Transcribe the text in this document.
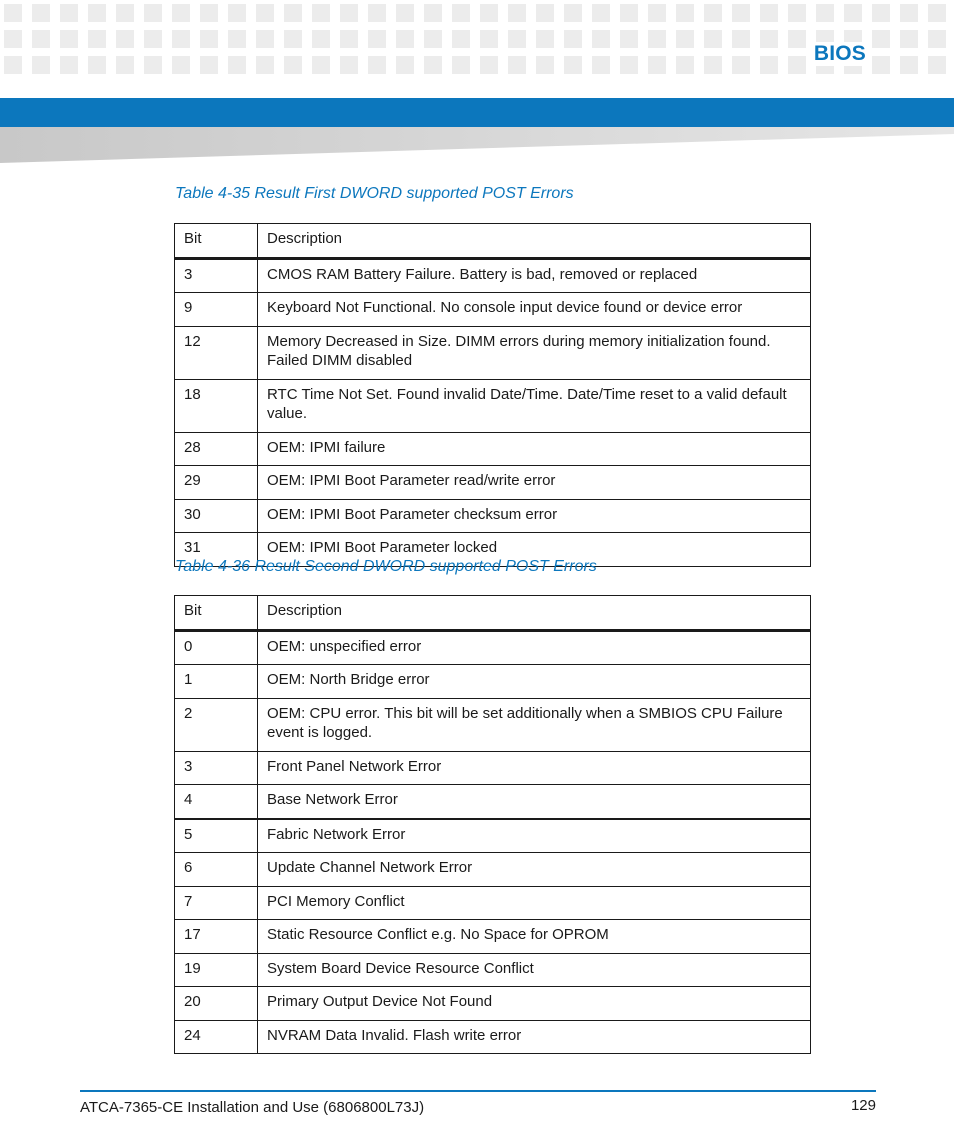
BIOS
Table 4-35 Result First DWORD supported POST Errors
Bit	Description
3	CMOS RAM Battery Failure. Battery is bad, removed or replaced
9	Keyboard Not Functional. No console input device found or device error
12	Memory Decreased in Size. DIMM errors during memory initialization found. Failed DIMM disabled
18	RTC Time Not Set. Found invalid Date/Time. Date/Time reset to a valid default value.
28	OEM: IPMI failure
29	OEM: IPMI Boot Parameter read/write error
30	OEM: IPMI Boot Parameter checksum error
31	OEM: IPMI Boot Parameter locked
Table 4-36 Result Second DWORD supported POST Errors
Bit	Description
0	OEM: unspecified error
1	OEM: North Bridge error
2	OEM: CPU error. This bit will be set additionally when a SMBIOS CPU Failure event is logged.
3	Front Panel Network Error
4	Base Network Error
5	Fabric Network Error
6	Update Channel Network Error
7	PCI Memory Conflict
17	Static Resource Conflict e.g. No Space for OPROM
19	System Board Device Resource Conflict
20	Primary Output Device Not Found
24	NVRAM Data Invalid. Flash write error
ATCA-7365-CE Installation and Use (6806800L73J)	129
